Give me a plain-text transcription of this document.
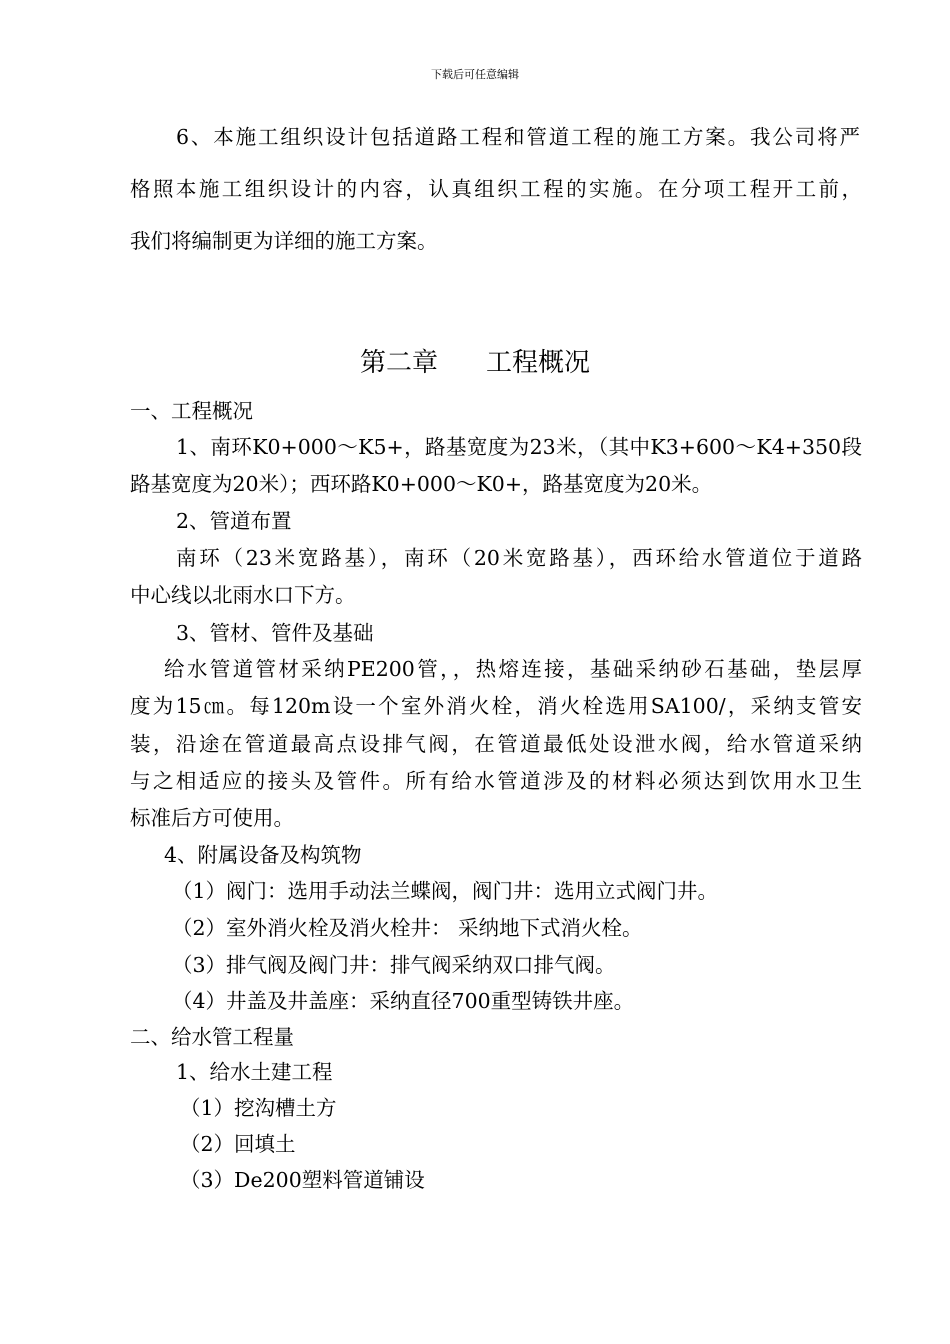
下载后可任意编辑
6、本施工组织设计包括道路工程和管道工程的施工方案。我公司将严
格照本施工组织设计的内容，认真组织工程的实施。在分项工程开工前，
我们将编制更为详细的施工方案。
第二章 工程概况
一、工程概况
1、南环K0+000～K5+，路基宽度为23米，（其中K3+600～K4+350段
路基宽度为20米）；西环路K0+000～K0+，路基宽度为20米。
2、管道布置
南环（23米宽路基），南环（20米宽路基），西环给水管道位于道路
中心线以北雨水口下方。
3、管材、管件及基础
给水管道管材采纳PE200管，，热熔连接，基础采纳砂石基础，垫层厚
度为15㎝。每120m设一个室外消火栓，消火栓选用SA100/，采纳支管安
装，沿途在管道最高点设排气阀，在管道最低处设泄水阀，给水管道采纳
与之相适应的接头及管件。所有给水管道涉及的材料必须达到饮用水卫生
标准后方可使用。
4、附属设备及构筑物
（1）阀门：选用手动法兰蝶阀，阀门井：选用立式阀门井。
（2）室外消火栓及消火栓井： 采纳地下式消火栓。
（3）排气阀及阀门井：排气阀采纳双口排气阀。
（4）井盖及井盖座：采纳直径700重型铸铁井座。
二、给水管工程量
1、给水土建工程
（1）挖沟槽土方
（2）回填土
（3）De200塑料管道铺设
